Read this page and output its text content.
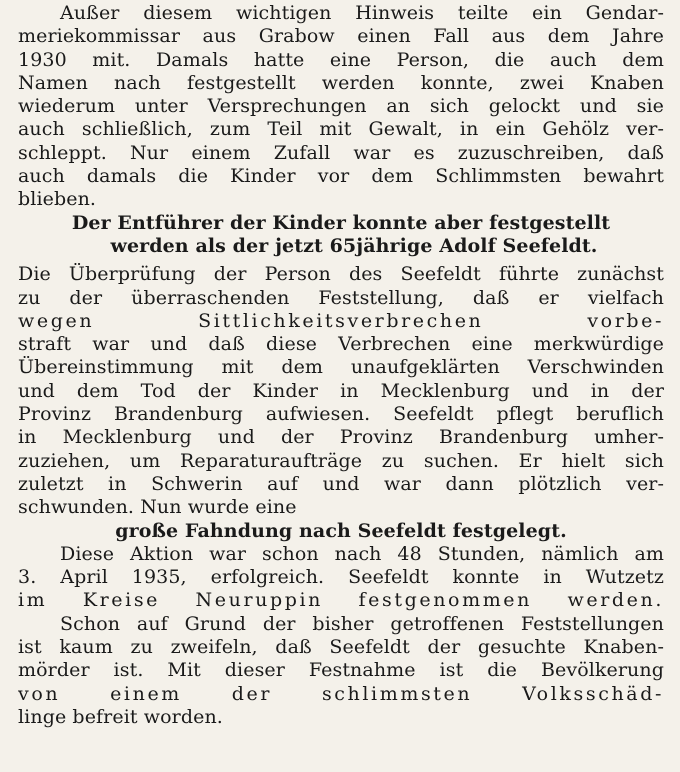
Außer diesem wichtigen Hinweis teilte ein Gendar-
meriekommissar aus Grabow einen Fall aus dem Jahre
1930 mit. Damals hatte eine Person, die auch dem
Namen nach festgestellt werden konnte, zwei Knaben
wiederum unter Versprechungen an sich gelockt und sie
auch schließlich, zum Teil mit Gewalt, in ein Gehölz ver-
schleppt. Nur einem Zufall war es zuzuschreiben, daß
auch damals die Kinder vor dem Schlimmsten bewahrt
blieben.
Der Entführer der Kinder konnte aber festgestellt
werden als der jetzt 65jährige Adolf Seefeldt.
Die Überprüfung der Person des Seefeldt führte zunächst
zu der überraschenden Feststellung, daß er vielfach
wegen Sittlichkeitsverbrechen vorbe-
straft war und daß diese Verbrechen eine merkwürdige
Übereinstimmung mit dem unaufgeklärten Verschwinden
und dem Tod der Kinder in Mecklenburg und in der
Provinz Brandenburg aufwiesen. Seefeldt pflegt beruflich
in Mecklenburg und der Provinz Brandenburg umher-
zuziehen, um Reparaturaufträge zu suchen. Er hielt sich
zuletzt in Schwerin auf und war dann plötzlich ver-
schwunden. Nun wurde eine
große Fahndung nach Seefeldt festgelegt.
Diese Aktion war schon nach 48 Stunden, nämlich am
3. April 1935, erfolgreich. Seefeldt konnte in Wutzetz
im Kreise Neuruppin festgenommen werden.
Schon auf Grund der bisher getroffenen Feststellungen
ist kaum zu zweifeln, daß Seefeldt der gesuchte Knaben-
mörder ist. Mit dieser Festnahme ist die Bevölkerung
von einem der schlimmsten Volksschäd-
linge befreit worden.
